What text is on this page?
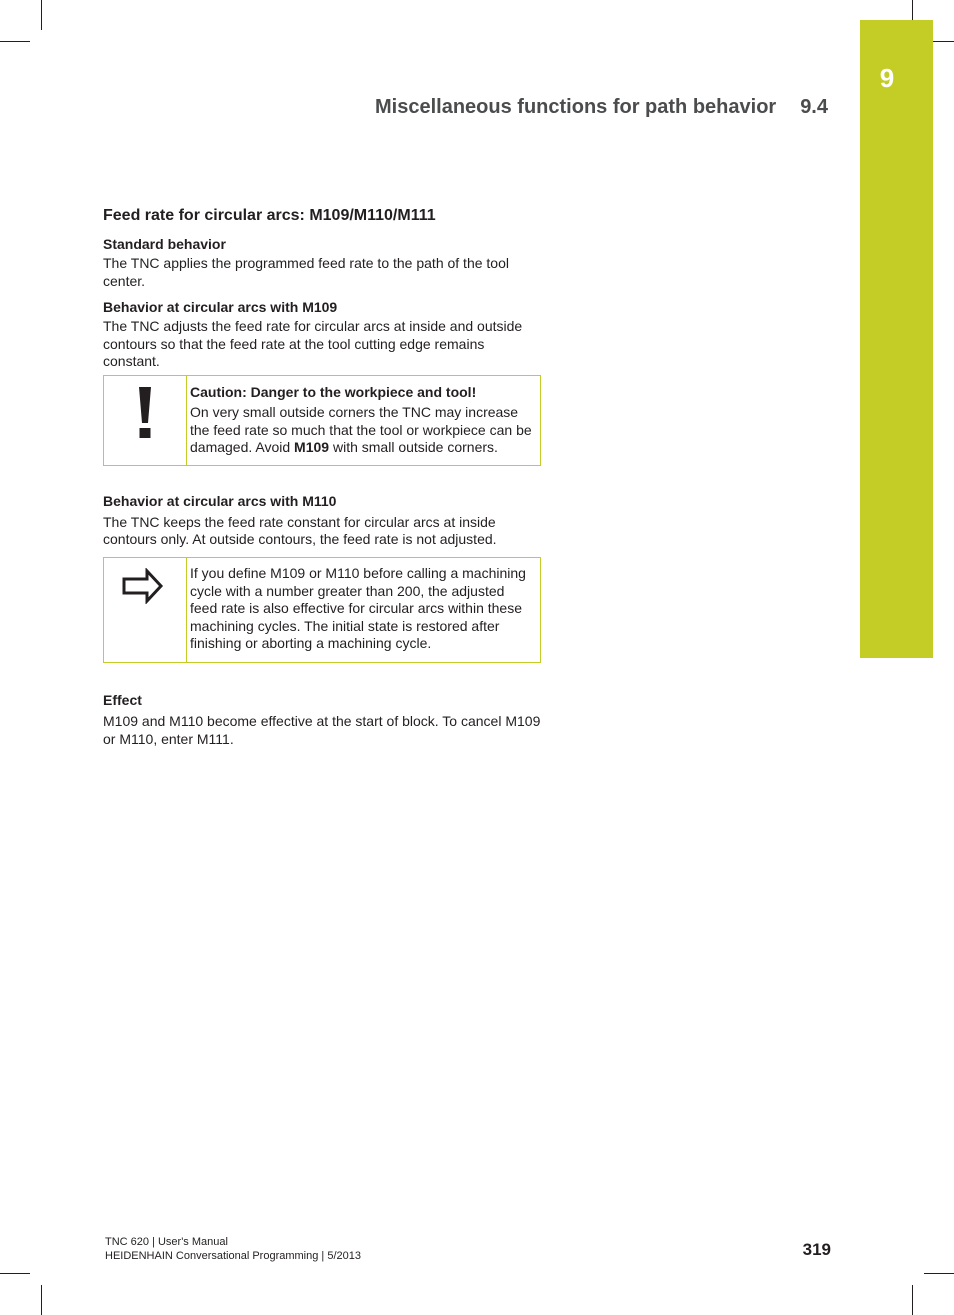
9
Miscellaneous functions for path behavior 9.4
Feed rate for circular arcs: M109/M110/M111
Standard behavior

The TNC applies the programmed feed rate to the path of the tool center.

Behavior at circular arcs with M109

The TNC adjusts the feed rate for circular arcs at inside and outside contours so that the feed rate at the tool cutting edge remains constant.

Caution: Danger to the workpiece and tool!

On very small outside corners the TNC may increase the feed rate so much that the tool or workpiece can be damaged. Avoid M109 with small outside corners.

Behavior at circular arcs with M110

The TNC keeps the feed rate constant for circular arcs at inside contours only. At outside contours, the feed rate is not adjusted.

If you define M109 or M110 before calling a machining cycle with a number greater than 200, the adjusted feed rate is also effective for circular arcs within these machining cycles. The initial state is restored after finishing or aborting a machining cycle.

Effect

M109 and M110 become effective at the start of block. To cancel M109 or M110, enter M111.

TNC 620 | User's Manual
HEIDENHAIN Conversational Programming | 5/2013	319
